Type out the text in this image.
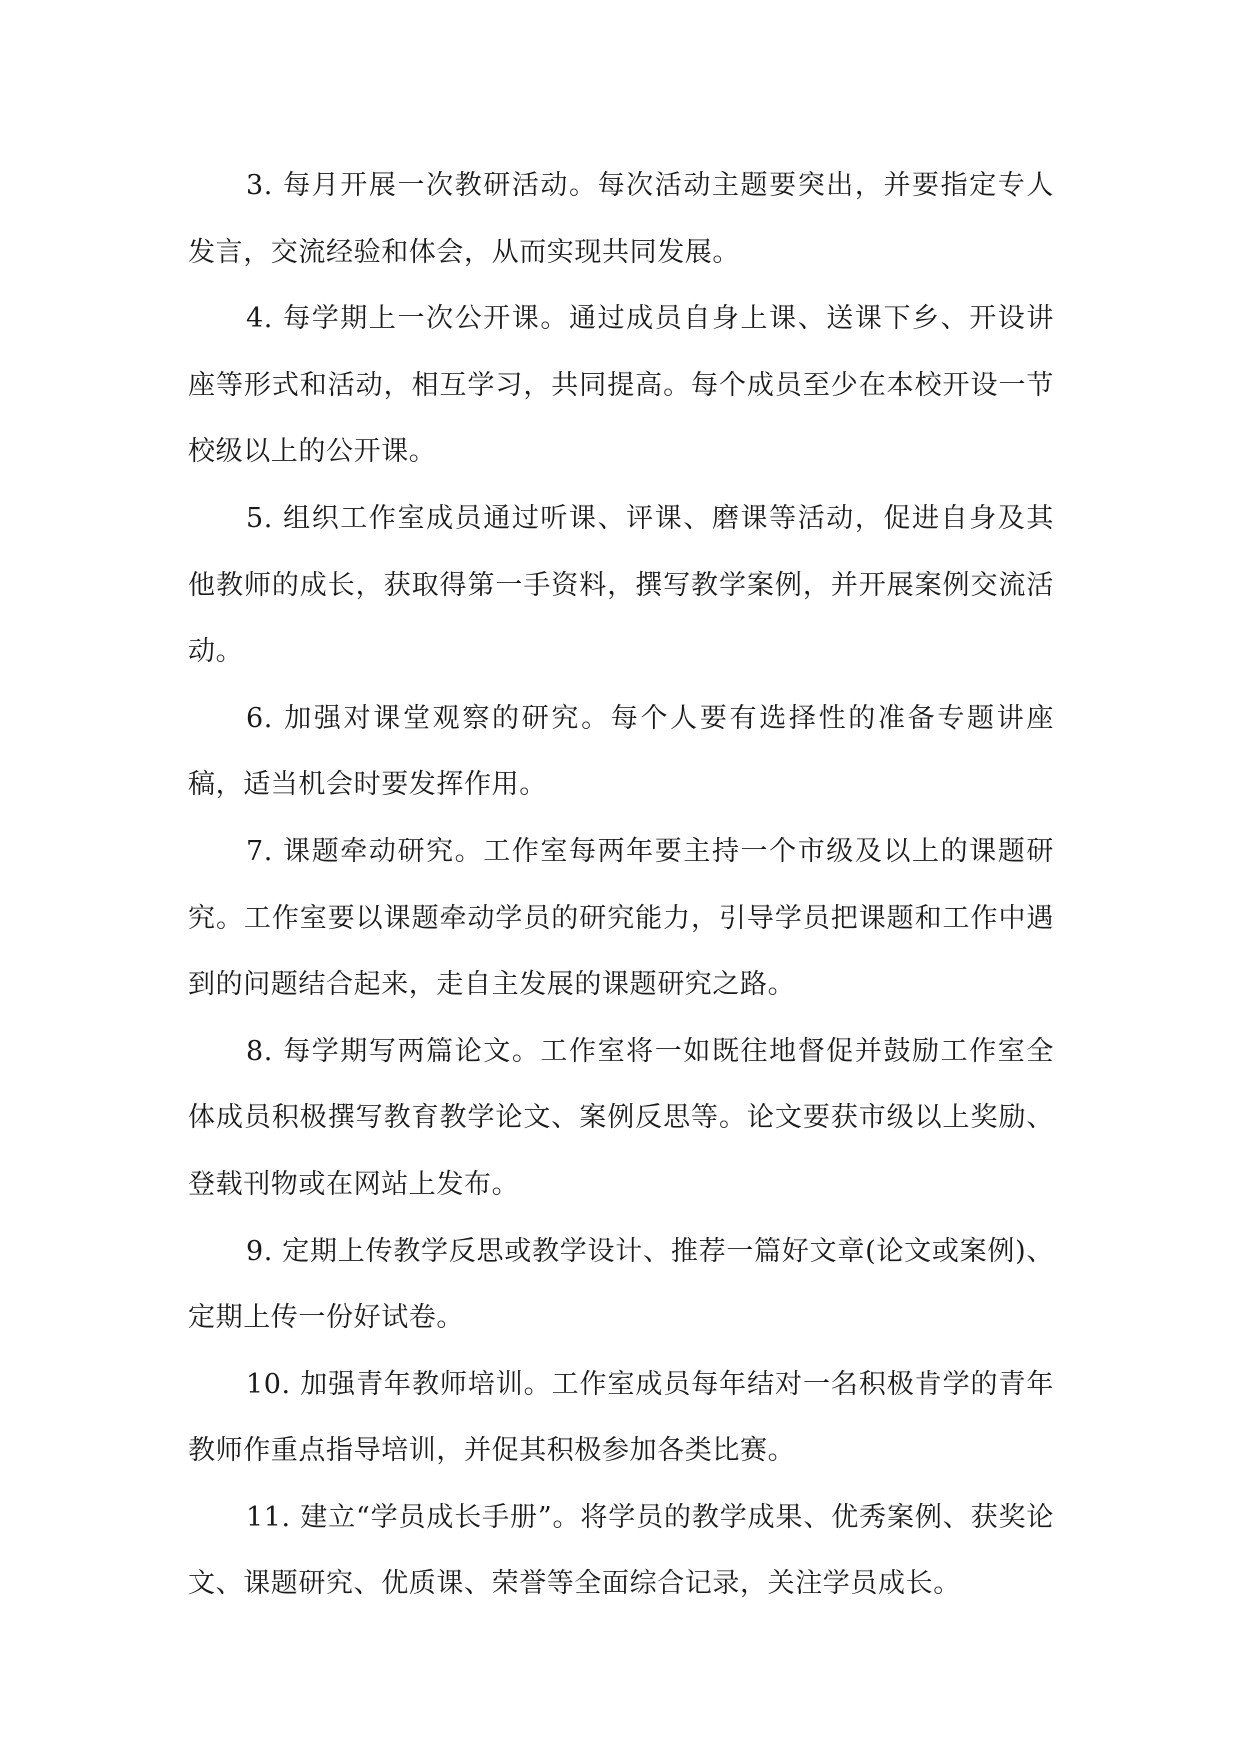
3. 每月开展一次教研活动。每次活动主题要突出，并要指定专人发言，交流经验和体会，从而实现共同发展。

4. 每学期上一次公开课。通过成员自身上课、送课下乡、开设讲座等形式和活动，相互学习，共同提高。每个成员至少在本校开设一节校级以上的公开课。

5. 组织工作室成员通过听课、评课、磨课等活动，促进自身及其他教师的成长，获取得第一手资料，撰写教学案例，并开展案例交流活动。

6. 加强对课堂观察的研究。每个人要有选择性的准备专题讲座稿，适当机会时要发挥作用。

7. 课题牵动研究。工作室每两年要主持一个市级及以上的课题研究。工作室要以课题牵动学员的研究能力，引导学员把课题和工作中遇到的问题结合起来，走自主发展的课题研究之路。

8. 每学期写两篇论文。工作室将一如既往地督促并鼓励工作室全体成员积极撰写教育教学论文、案例反思等。论文要获市级以上奖励、登载刊物或在网站上发布。

9. 定期上传教学反思或教学设计、推荐一篇好文章(论文或案例)、定期上传一份好试卷。

10. 加强青年教师培训。工作室成员每年结对一名积极肯学的青年教师作重点指导培训，并促其积极参加各类比赛。

11. 建立“学员成长手册”。将学员的教学成果、优秀案例、获奖论文、课题研究、优质课、荣誉等全面综合记录，关注学员成长。
